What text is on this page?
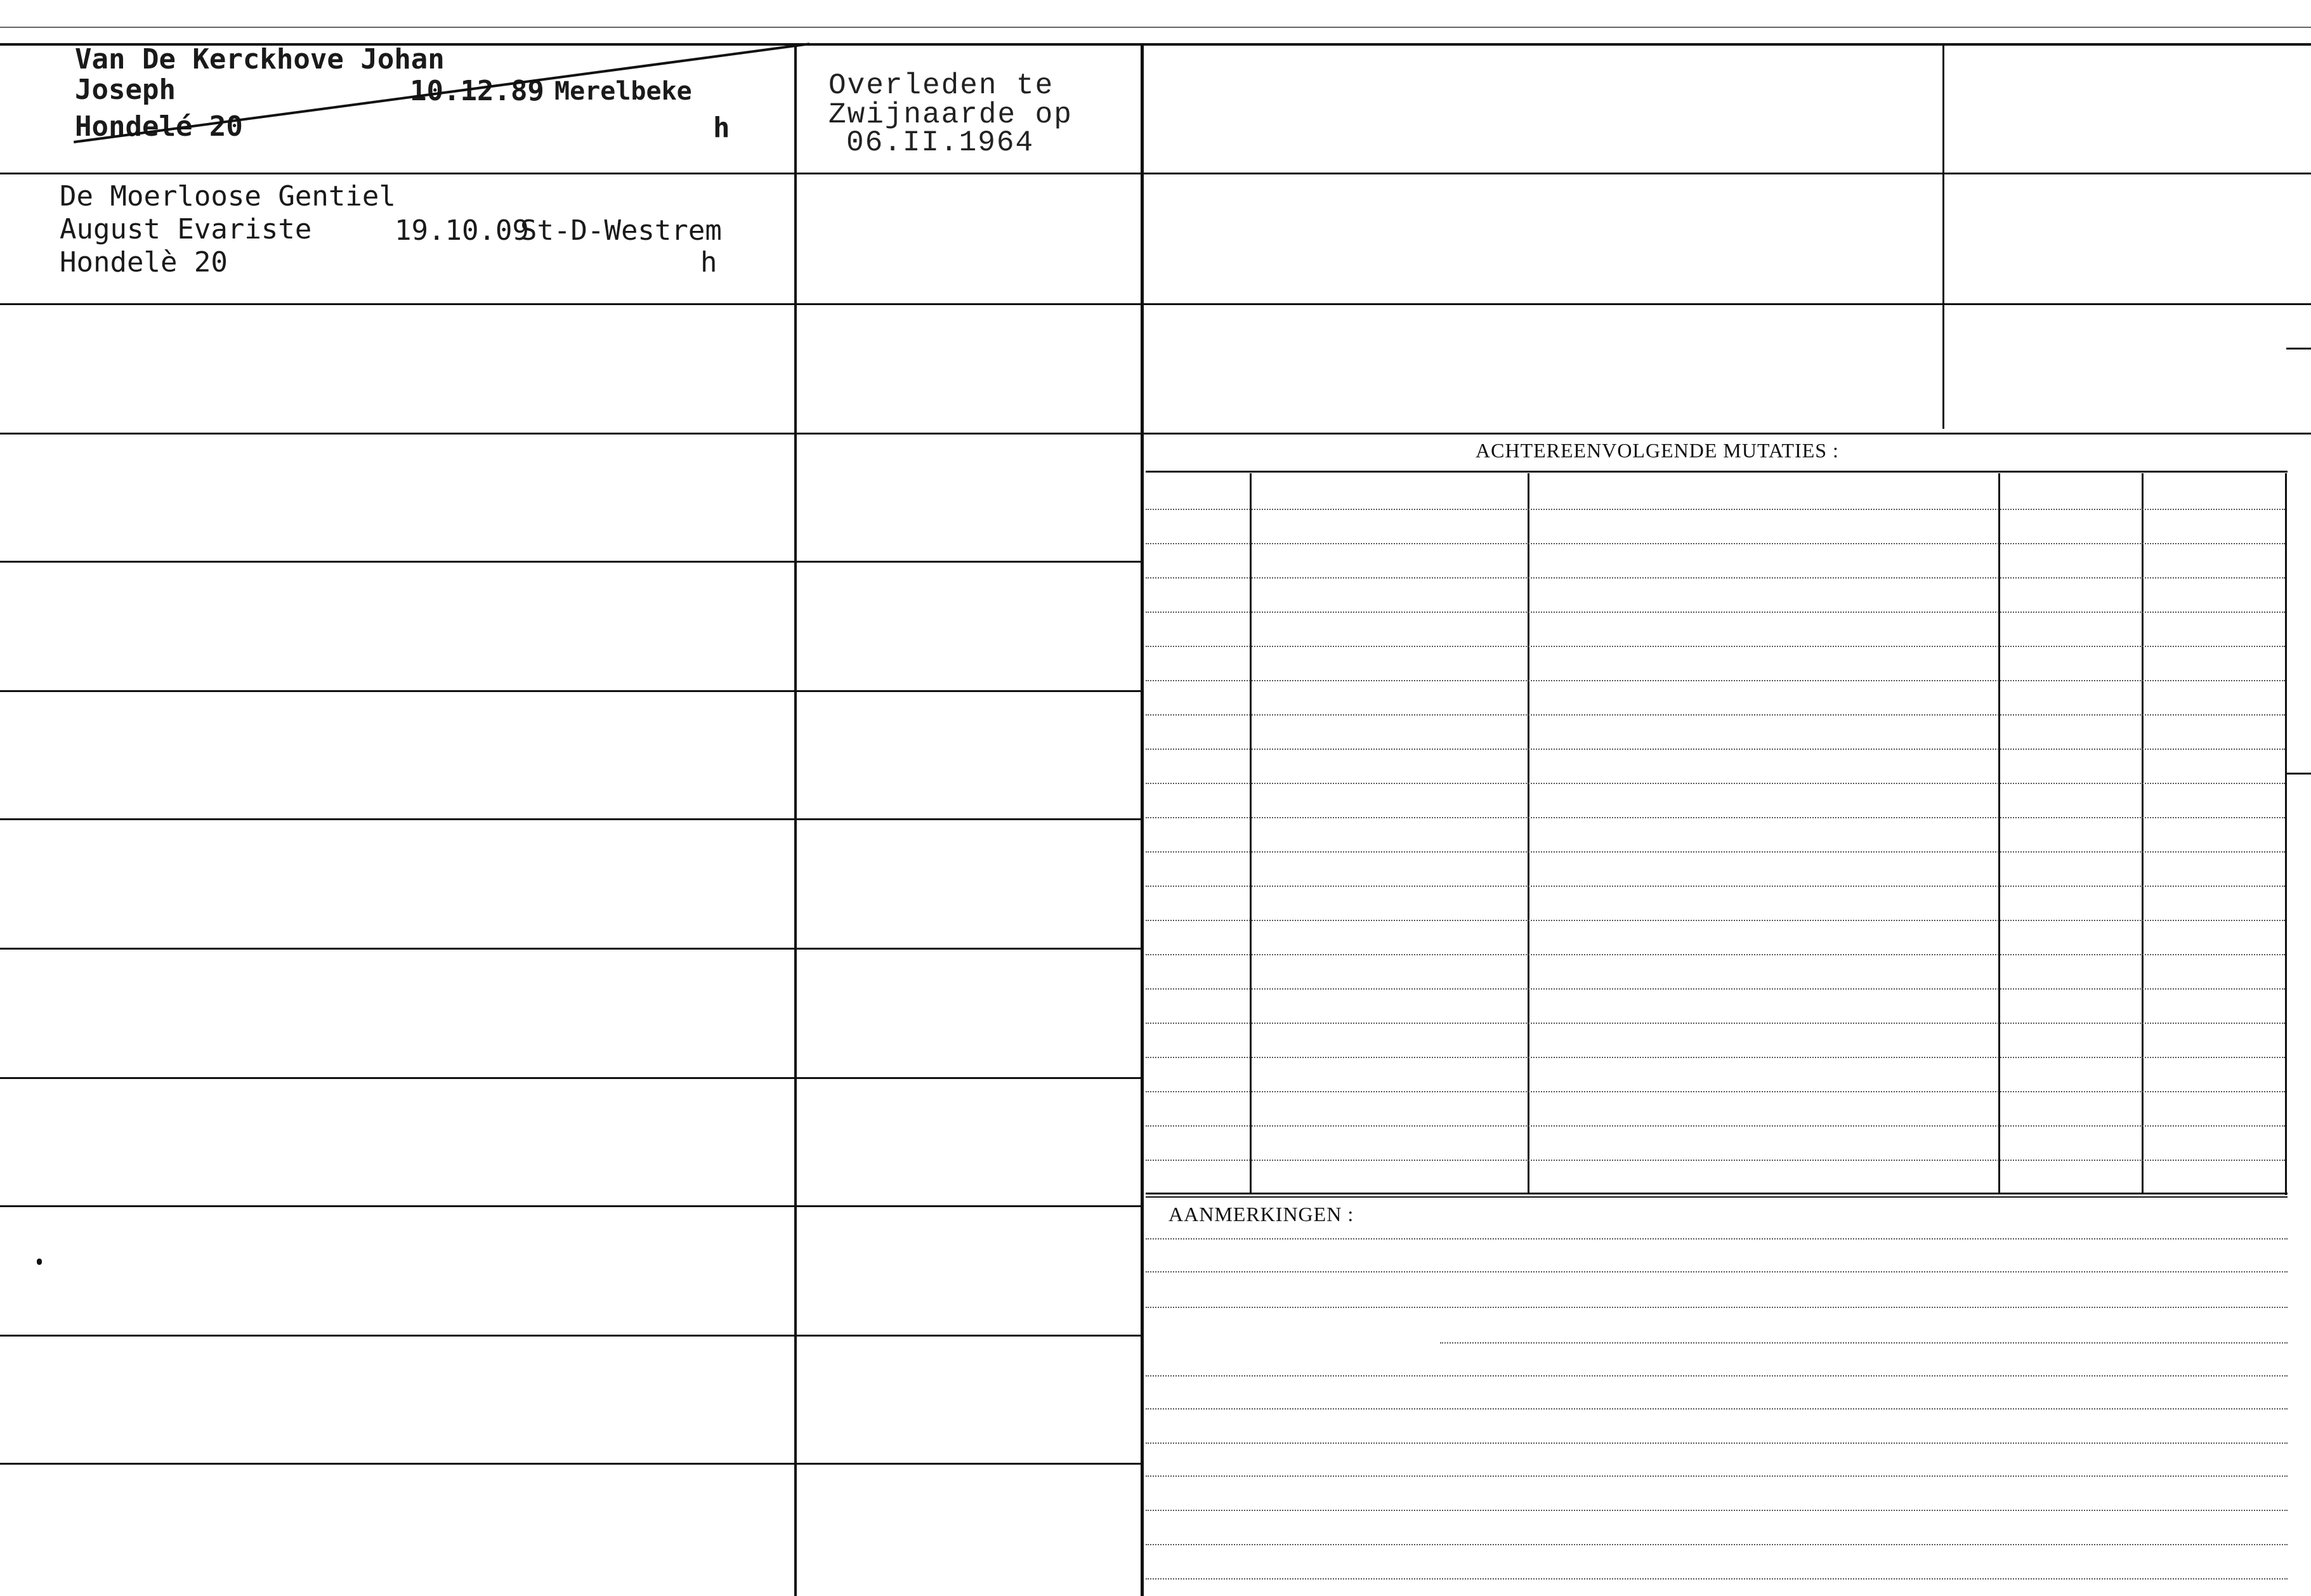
ACHTEREENVOLGENDE MUTATIES :
AANMERKINGEN :
Van De Kerckhove Johan
Joseph	10.12.89 Merelbeke
Hondelé 20	h
Overleden te
Zwijnaarde op
06.II.1964
De Moerloose Gentiel
August Evariste	19.10.09
St-D-Westrem
Hondelè 20	h
